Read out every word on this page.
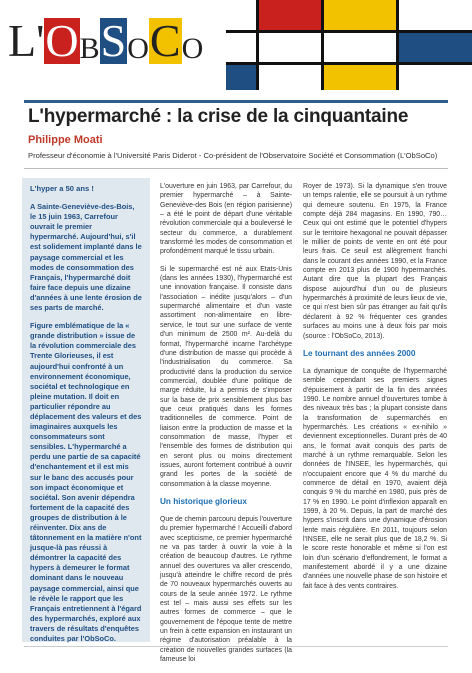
L'OBSOCO
L'hypermarché : la crise de la cinquantaine
Philippe Moati
Professeur d'économie à l'Université Paris Diderot - Co-président de l'Observatoire Société et Consommation (L'ObSoCo)

L'hyper a 50 ans !

A Sainte-Geneviève-des-Bois, le 15 juin 1963, Carrefour ouvrait le premier hypermarché. Aujourd'hui, s'il est solidement implanté dans le paysage commercial et les modes de consommation des Français, l'hypermarché doit faire face depuis une dizaine d'années à une lente érosion de ses parts de marché.

Figure emblématique de la « grande distribution » issue de la révolution commerciale des Trente Glorieuses, il est aujourd'hui confronté à un environnement économique, sociétal et technologique en pleine mutation. Il doit en particulier répondre au déplacement des valeurs et des imaginaires auxquels les consommateurs sont sensibles. L'hypermarché a perdu une partie de sa capacité d'enchantement et il est mis sur le banc des accusés pour son impact économique et sociétal. Son avenir dépendra fortement de la capacité des groupes de distribution à le réinventer. Dix ans de tâtonnement en la matière n'ont jusque-là pas réussi à démontrer la capacité des hypers à demeurer le format dominant dans le nouveau paysage commercial, ainsi que le révèle le rapport que les Français entretiennent à l'égard des hypermarchés, exploré aux travers de résultats d'enquêtes conduites par l'ObSoCo.

L'ouverture en juin 1963, par Carrefour, du premier hypermarché – à Sainte-Geneviève-des Bois (en région parisienne) – a été le point de départ d'une véritable révolution commerciale qui a bouleversé le secteur du commerce, a durablement transformé les modes de consommation et profondément marqué le tissu urbain.

Si le supermarché est né aux Etats-Unis (dans les années 1930), l'hypermarché est une innovation française. Il consiste dans l'association – inédite jusqu'alors – d'un supermarché alimentaire et d'un vaste assortiment non-alimentaire en libre-service, le tout sur une surface de vente d'un minimum de 2500 m². Au-delà du format, l'hypermarché incarne l'archétype d'une distribution de masse qui procède à l'industrialisation du commerce. Sa productivité dans la production du service commercial, doublée d'une politique de marge réduite, lui a permis de s'imposer sur la base de prix sensiblement plus bas que ceux pratiqués dans les formes traditionnelles de commerce. Point de liaison entre la production de masse et la consommation de masse, l'hyper et l'ensemble des formes de distribution qui en seront plus ou moins directement issues, auront fortement contribué à ouvrir grand les portes de la société de consommation à la classe moyenne.

Un historique glorieux

Que de chemin parcouru depuis l'ouverture du premier hypermarché ! Accueilli d'abord avec scepticisme, ce premier hypermarché ne va pas tarder à ouvrir la voie à la création de beaucoup d'autres. Le rythme annuel des ouvertures va aller crescendo, jusqu'à atteindre le chiffre record de près de 70 nouveaux hypermarchés ouverts au cours de la seule année 1972. Le rythme est tel – mais aussi ses effets sur les autres formes de commerce – que le gouvernement de l'époque tente de mettre un frein à cette expansion en instaurant un régime d'autorisation préalable à la création de nouvelles grandes surfaces (la fameuse loi

Royer de 1973). Si la dynamique s'en trouve un temps ralentie, elle se poursuit à un rythme qui demeure soutenu. En 1975, la France compte déjà 284 magasins. En 1990, 790… Ceux qui ont estimé que le potentiel d'hypers sur le territoire hexagonal ne pouvait dépasser le millier de points de vente en ont été pour leurs frais. Ce seuil est allègrement franchi dans le courant des années 1990, et la France compte en 2013 plus de 1900 hypermarchés. Autant dire que la plupart des Français dispose aujourd'hui d'un ou de plusieurs hypermarchés à proximité de leurs lieux de vie, ce qui n'est bien sûr pas étranger au fait qu'ils déclarent à 92 % fréquenter ces grandes surfaces au moins une à deux fois par mois (source : l'ObSoCo, 2013).

Le tournant des années 2000

La dynamique de conquête de l'hypermarché semble cependant ses premiers signes d'épuisement à partir de la fin des années 1990. Le nombre annuel d'ouvertures tombe à des niveaux très bas ; la plupart consiste dans la transformation de supermarchés en hypermarchés. Les créations « ex-nihilo » deviennent exceptionnelles. Durant près de 40 ans, le format avait conquis des parts de marché à un rythme remarquable. Selon les données de l'INSEE, les hypermarchés, qui n'occupaient encore que 4 % du marché du commerce de détail en 1970, avaient déjà conquis 9 % du marché en 1980, puis près de 17 % en 1990. Le point d'inflexion apparaît en 1999, à 20 %. Depuis, la part de marché des hypers s'inscrit dans une dynamique d'érosion lente mais régulière. En 2011, toujours selon l'INSEE, elle ne serait plus que de 18,2 %. Si le score reste honorable et même si l'on est loin d'un scénario d'effondrement, le format a manifestement abordé il y a une dizaine d'années une nouvelle phase de son histoire et fait face à des vents contraires.
